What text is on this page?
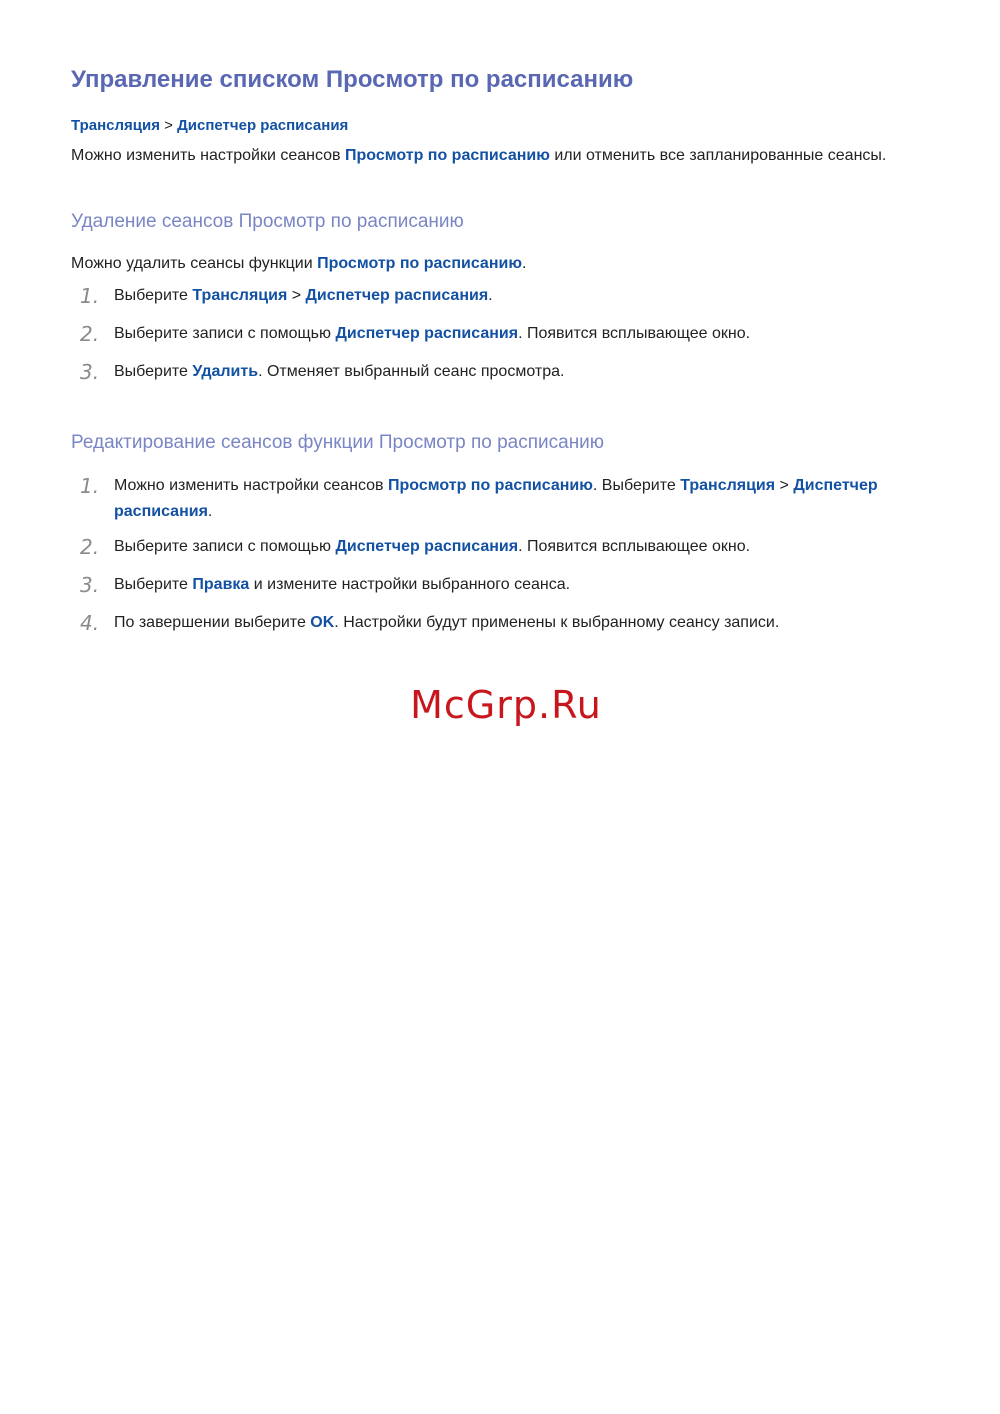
Управление списком Просмотр по расписанию
Трансляция > Диспетчер расписания
Можно изменить настройки сеансов Просмотр по расписанию или отменить все запланированные сеансы.
Удаление сеансов Просмотр по расписанию
Можно удалить сеансы функции Просмотр по расписанию.
1. Выберите Трансляция > Диспетчер расписания.
2. Выберите записи с помощью Диспетчер расписания. Появится всплывающее окно.
3. Выберите Удалить. Отменяет выбранный сеанс просмотра.
Редактирование сеансов функции Просмотр по расписанию
1. Можно изменить настройки сеансов Просмотр по расписанию. Выберите Трансляция > Диспетчер расписания.
2. Выберите записи с помощью Диспетчер расписания. Появится всплывающее окно.
3. Выберите Правка и измените настройки выбранного сеанса.
4. По завершении выберите OK. Настройки будут применены к выбранному сеансу записи.
McGrp.Ru
